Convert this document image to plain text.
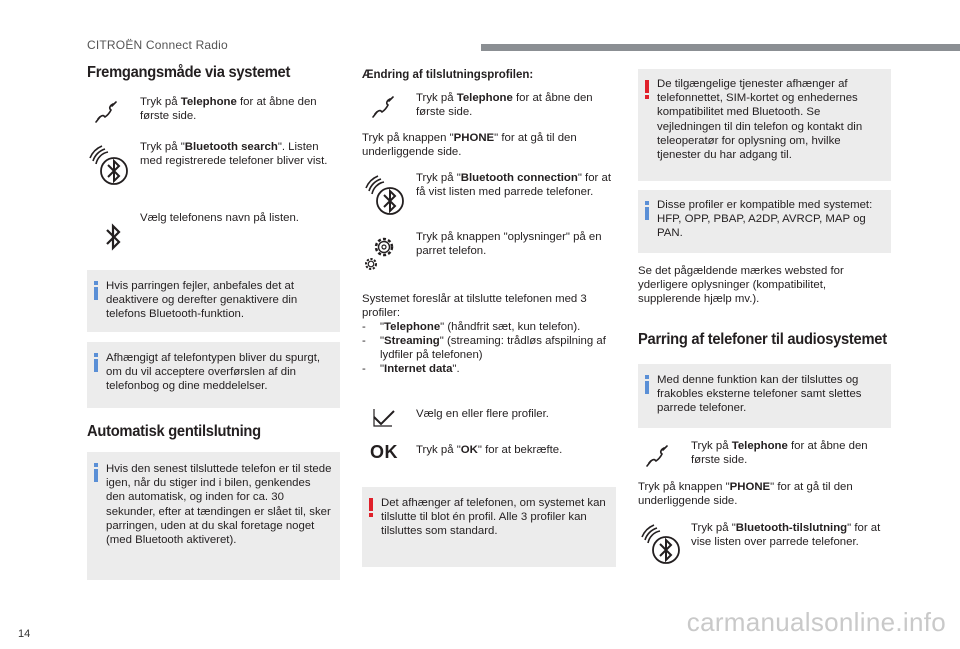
CITROËN Connect Radio
Fremgangsmåde via systemet
Tryk på Telephone for at åbne den første side.
Tryk på "Bluetooth search". Listen med registrerede telefoner bliver vist.
Vælg telefonens navn på listen.
Hvis parringen fejler, anbefales det at deaktivere og derefter genaktivere din telefons Bluetooth-funktion.
Afhængigt af telefontypen bliver du spurgt, om du vil acceptere overførslen af din telefonbog og dine meddelelser.
Automatisk gentilslutning
Hvis den senest tilsluttede telefon er til stede igen, når du stiger ind i bilen, genkendes den automatisk, og inden for ca. 30 sekunder, efter at tændingen er slået til, sker parringen, uden at du skal foretage noget (med Bluetooth aktiveret).
Ændring af tilslutningsprofilen:
Tryk på Telephone for at åbne den første side.
Tryk på knappen "PHONE" for at gå til den underliggende side.
Tryk på "Bluetooth connection" for at få vist listen med parrede telefoner.
Tryk på knappen "oplysninger" på en parret telefon.
Systemet foreslår at tilslutte telefonen med 3 profiler:
-	"Telephone" (håndfrit sæt, kun telefon).
-	"Streaming" (streaming: trådløs afspilning af lydfiler på telefonen)
-	"Internet data".
Vælg en eller flere profiler.
OK Tryk på "OK" for at bekræfte.
Det afhænger af telefonen, om systemet kan tilslutte til blot én profil. Alle 3 profiler kan tilsluttes som standard.
De tilgængelige tjenester afhænger af telefonnettet, SIM-kortet og enhedernes kompatibilitet med Bluetooth. Se vejledningen til din telefon og kontakt din teleoperatør for oplysning om, hvilke tjenester du har adgang til.
Disse profiler er kompatible med systemet: HFP, OPP, PBAP, A2DP, AVRCP, MAP og PAN.
Se det pågældende mærkes websted for yderligere oplysninger (kompatibilitet, supplerende hjælp mv.).
Parring af telefoner til audiosystemet
Med denne funktion kan der tilsluttes og frakobles eksterne telefoner samt slettes parrede telefoner.
Tryk på Telephone for at åbne den første side.
Tryk på knappen "PHONE" for at gå til den underliggende side.
Tryk på "Bluetooth-tilslutning" for at vise listen over parrede telefoner.
14	carmanualsonline.info
